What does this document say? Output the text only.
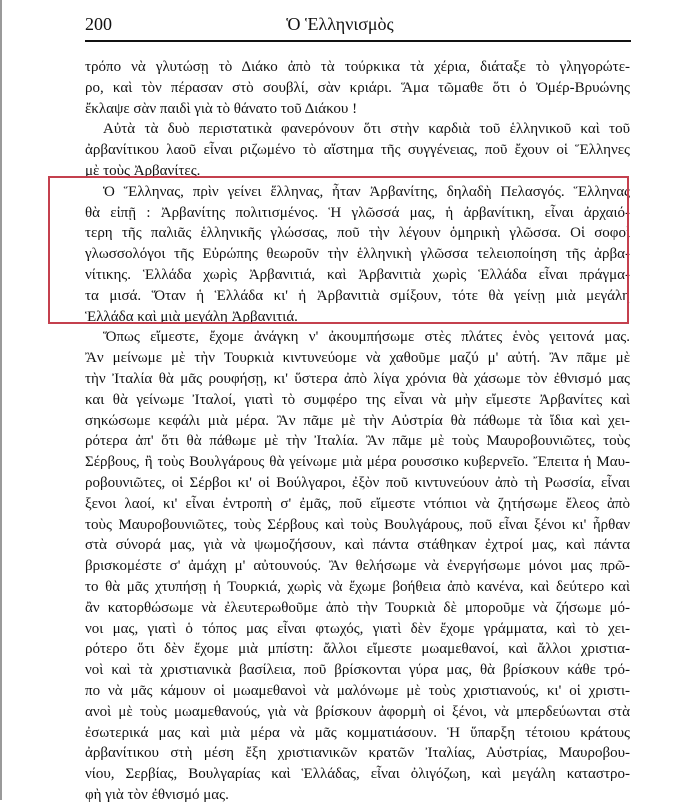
200	Ὁ Ἑλληνισμὸς
τρόπο νὰ γλυτώσῃ τὸ Διάκο ἀπὸ τὰ τούρκικα τὰ χέρια, διάταξε τὸ γληγορώτε-
ρο, καὶ τὸν πέρασαν στὸ σουβλί, σὰν κριάρι. Ἅμα τῶμαθε ὅτι ὁ Ὀμέρ-Βρυώνης
ἔκλαψε σὰν παιδὶ γιὰ τὸ θάνατο τοῦ Διάκου !
Αὐτὰ τὰ δυὸ περιστατικὰ φανερόνουν ὅτι στὴν καρδιὰ τοῦ ἑλληνικοῦ καὶ τοῦ
ἀρβανίτικου λαοῦ εἶναι ριζωμένο τὸ αἴστημα τῆς συγγένειας, ποῦ ἔχουν οἱ Ἕλληνες
μὲ τοὺς Ἀρβανίτες.
Ὁ Ἕλληνας, πρὶν γείνει ἕλληνας, ἦταν Ἀρβανίτης, δηλαδὴ Πελασγός. Ἕλληνας
θὰ εἰπῇ : Ἀρβανίτης πολιτισμένος. Ἡ γλῶσσά μας, ἡ ἀρβανίτικη, εἶναι ἀρχαιό-
τερη τῆς παλιᾶς ἑλληνικῆς γλώσσας, ποῦ τὴν λέγουν ὁμηρικὴ γλῶσσα. Οἱ σοφοὶ
γλωσσολόγοι τῆς Εὐρώπης θεωροῦν τὴν ἑλληνικὴ γλῶσσα τελειοποίηση τῆς ἀρβα-
νίτικης. Ἑλλάδα χωρὶς Ἀρβανιτιά, καὶ Ἀρβανιτιὰ χωρὶς Ἑλλάδα εἶναι πράγμα-
τα μισά. Ὅταν ἡ Ἑλλάδα κι' ἡ Ἀρβανιτιὰ σμίξουν, τότε θὰ γείνῃ μιὰ μεγάλη
Ἑλλάδα καὶ μιὰ μεγάλη Ἀρβανιτιά.
Ὅπως εἴμεστε, ἔχομε ἀνάγκη ν' ἀκουμπήσωμε στὲς πλάτες ἑνὸς γειτονά μας.
Ἂν μείνωμε μὲ τὴν Τουρκιὰ κιντυνεύομε νὰ χαθοῦμε μαζύ μ' αὐτή. Ἂν πᾶμε μὲ
τὴν Ἰταλία θὰ μᾶς ρουφήσῃ, κι' ὕστερα ἀπὸ λίγα χρόνια θὰ χάσωμε τὸν ἐθνισμό μας
και θὰ γείνωμε Ἰταλοί, γιατὶ τὸ συμφέρο της εἶναι νὰ μὴν εἴμεστε Ἀρβανίτες καὶ
σηκώσωμε κεφάλι μιὰ μέρα. Ἂν πᾶμε μὲ τὴν Αὐστρία θὰ πάθωμε τὰ ἴδια καὶ χει-
ρότερα ἀπ' ὅτι θὰ πάθωμε μὲ τὴν Ἰταλία. Ἂν πᾶμε μὲ τοὺς Μαυροβουνιῶτες, τοὺς
Σέρβους, ἢ τοὺς Βουλγάρους θὰ γείνωμε μιὰ μέρα ρουσσικο κυβερνεῖο. Ἔπειτα ἡ Μαυ-
ροβουνιῶτες, οἱ Σέρβοι κι' οἱ Βούλγαροι, ἐξὸν ποῦ κιντυνεύουν ἀπὸ τὴ Ρωσσία, εἶναι
ξενοι λαοί, κι' εἶναι ἐντροπὴ σ' ἐμᾶς, ποῦ εἴμεστε ντόπιοι νὰ ζητήσωμε ἔλεος ἀπὸ
τοὺς Μαυροβουνιῶτες, τοὺς Σέρβους καὶ τοὺς Βουλγάρους, ποῦ εἶναι ξένοι κι' ἦρθαν
στὰ σύνορά μας, γιὰ νὰ ψωμοζήσουν, καὶ πάντα στάθηκαν ἐχτροί μας, καὶ πάντα
βρισκομέστε σ' ἀμάχη μ' αὐτουνούς. Ἂν θελήσωμε νὰ ἐνεργήσωμε μόνοι μας πρῶ-
το θὰ μᾶς χτυπήσῃ ἡ Τουρκιά, χωρὶς νὰ ἔχωμε βοήθεια ἀπὸ κανένα, καὶ δεύτερο καὶ
ἂν κατορθώσωμε νὰ ἐλευτερωθοῦμε ἀπὸ τὴν Τουρκιὰ δὲ μποροῦμε νὰ ζήσωμε μό-
νοι μας, γιατὶ ὁ τόπος μας εἶναι φτωχός, γιατὶ δὲν ἔχομε γράμματα, καὶ τὸ χει-
ρότερο ὅτι δὲν ἔχομε μιὰ μπίστη: ἄλλοι εἴμεστε μωαμεθανοί, καὶ ἄλλοι χριστια-
νοὶ καὶ τὰ χριστιανικὰ βασίλεια, ποῦ βρίσκονται γύρα μας, θὰ βρίσκουν κάθε τρό-
πο νὰ μᾶς κάμουν οἱ μωαμεθανοὶ νὰ μαλόνωμε μὲ τοὺς χριστιανούς, κι' οἱ χριστι-
ανοὶ μὲ τοὺς μωαμεθανούς, γιὰ νὰ βρίσκουν ἀφορμὴ οἱ ξένοι, νὰ μπερδεύωνται στὰ
ἐσωτερικά μας καὶ μιὰ μέρα νὰ μᾶς κομματιάσουν. Ἡ ὕπαρξη τέτοιου κράτους
ἀρβανίτικου στὴ μέση ἔξη χριστιανικῶν κρατῶν Ἰταλίας, Αὐστρίας, Μαυροβου-
νίου, Σερβίας, Βουλγαρίας καὶ Ἑλλάδας, εἶναι ὀλιγόζωη, καὶ μεγάλη καταστρο-
φὴ γιὰ τὸν ἐθνισμό μας.
